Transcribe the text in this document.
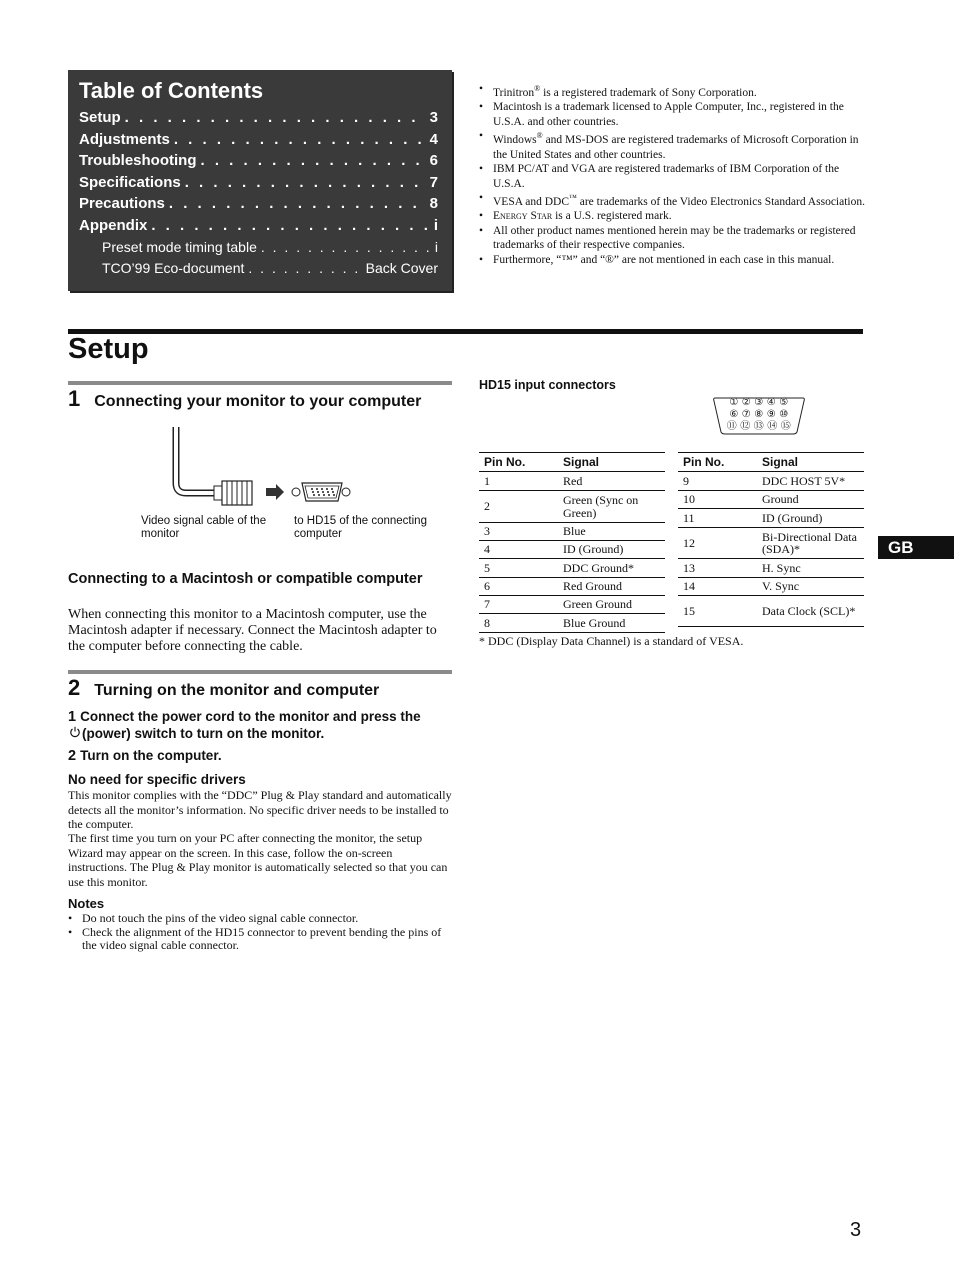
Table of Contents
Setup . . .	3
Adjustments . . .	4
Troubleshooting . . .	6
Specifications . . .	7
Precautions . . .	8
Appendix . . .	i
Preset mode timing table . . .	i
TCO’99 Eco-document . . .	Back Cover
• Trinitron® is a registered trademark of Sony Corporation.
• Macintosh is a trademark licensed to Apple Computer, Inc., registered in the U.S.A. and other countries.
• Windows® and MS-DOS are registered trademarks of Microsoft Corporation in the United States and other countries.
• IBM PC/AT and VGA are registered trademarks of IBM Corporation of the U.S.A.
• VESA and DDC™ are trademarks of the Video Electronics Standard Association.
• Energy Star is a U.S. registered mark.
• All other product names mentioned herein may be the trademarks or registered trademarks of their respective companies.
• Furthermore, “™” and “®” are not mentioned in each case in this manual.
Setup
1 Connecting your monitor to your computer
Video signal cable of the monitor
to HD15 of the connecting computer
Connecting to a Macintosh or compatible computer

When connecting this monitor to a Macintosh computer, use the Macintosh adapter if necessary. Connect the Macintosh adapter to the computer before connecting the cable.

2 Turning on the monitor and computer
1 Connect the power cord to the monitor and press the
(power) switch to turn on the monitor.
2 Turn on the computer.
No need for specific drivers

This monitor complies with the “DDC” Plug & Play standard and automatically detects all the monitor’s information. No specific driver needs to be installed to the computer.

The first time you turn on your PC after connecting the monitor, the setup Wizard may appear on the screen. In this case, follow the on-screen instructions. The Plug & Play monitor is automatically selected so that you can use this monitor.

Notes
• Do not touch the pins of the video signal cable connector.
• Check the alignment of the HD15 connector to prevent bending the pins of the video signal cable connector.
HD15 input connectors
① ② ③ ④ ⑤
⑥ ⑦ ⑧ ⑨ ⑩
⑪ ⑫ ⑬ ⑭ ⑮
Pin No.	Signal
1	Red
2	Green (Sync on Green)
3	Blue
4	ID (Ground)
5	DDC Ground*
6	Red Ground
7	Green Ground
8	Blue Ground
Pin No.	Signal
9	DDC HOST 5V*
10	Ground
11	ID (Ground)
12	Bi-Directional Data (SDA)*
13	H. Sync
14	V. Sync
15	Data Clock (SCL)*
* DDC (Display Data Channel) is a standard of VESA.
GB
3
